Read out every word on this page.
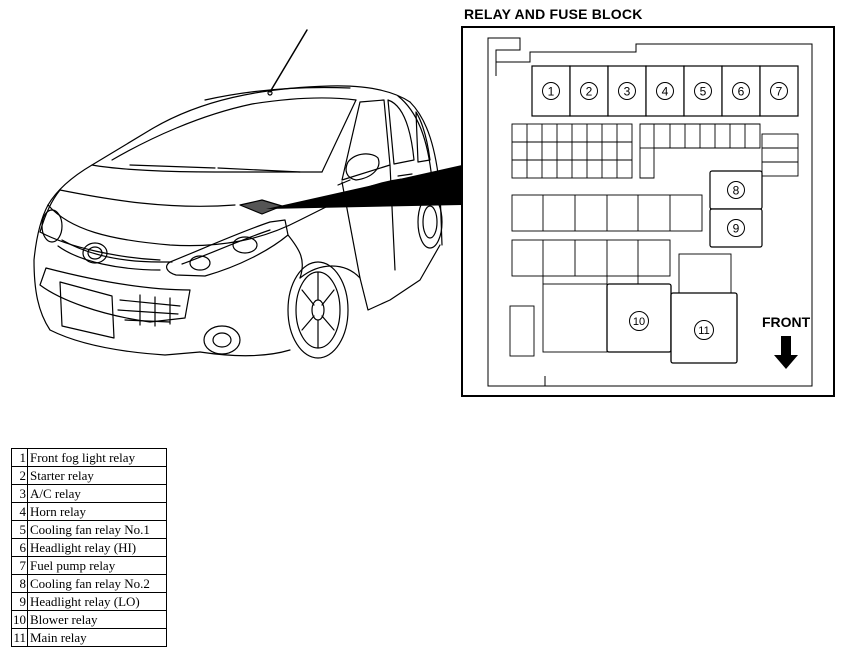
1	2	3	4	5	6	7
8
9
10
11
RELAY AND FUSE BLOCK
FRONT
1	Front fog light relay
2	Starter relay
3	A/C relay
4	Horn relay
5	Cooling fan relay No.1
6	Headlight relay (HI)
7	Fuel pump relay
8	Cooling fan relay No.2
9	Headlight relay (LO)
10	Blower relay
11	Main relay
